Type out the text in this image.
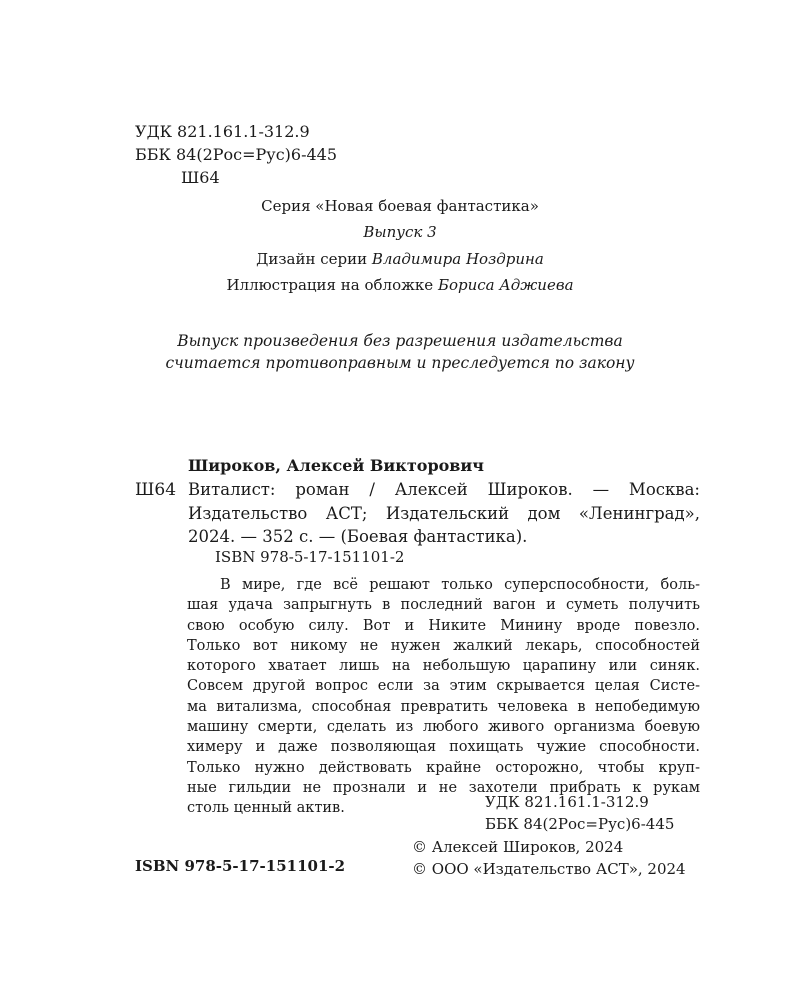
УДК 821.161.1-312.9
ББК 84(2Рос=Рус)6-445
Ш64
Серия «Новая боевая фантастика»
Выпуск 3
Дизайн серии Владимира Ноздрина
Иллюстрация на обложке Бориса Аджиева
Выпуск произведения без разрешения издательства
считается противоправным и преследуется по закону
Широков, Алексей Викторович
Ш64 Виталист: роман / Алексей Широков. — Москва:
Издательство АСТ; Издательский дом «Ленинград»,
2024. — 352 с. — (Боевая фантастика).
ISBN 978-5-17-151101-2
В мире, где всё решают только суперспособности, боль-
шая удача запрыгнуть в последний вагон и суметь получить
свою особую силу. Вот и Никите Минину вроде повезло.
Только вот никому не нужен жалкий лекарь, способностей
которого хватает лишь на небольшую царапину или синяк.
Совсем другой вопрос если за этим скрывается целая Систе-
ма витализма, способная превратить человека в непобедимую
машину смерти, сделать из любого живого организма боевую
химеру и даже позволяющая похищать чужие способности.
Только нужно действовать крайне осторожно, чтобы круп-
ные гильдии не прознали и не захотели прибрать к рукам
столь ценный актив.	УДК 821.161.1-312.9
ББК 84(2Рос=Рус)6-445
© Алексей Широков, 2024
© ООО «Издательство АСТ», 2024
ISBN 978-5-17-151101-2
